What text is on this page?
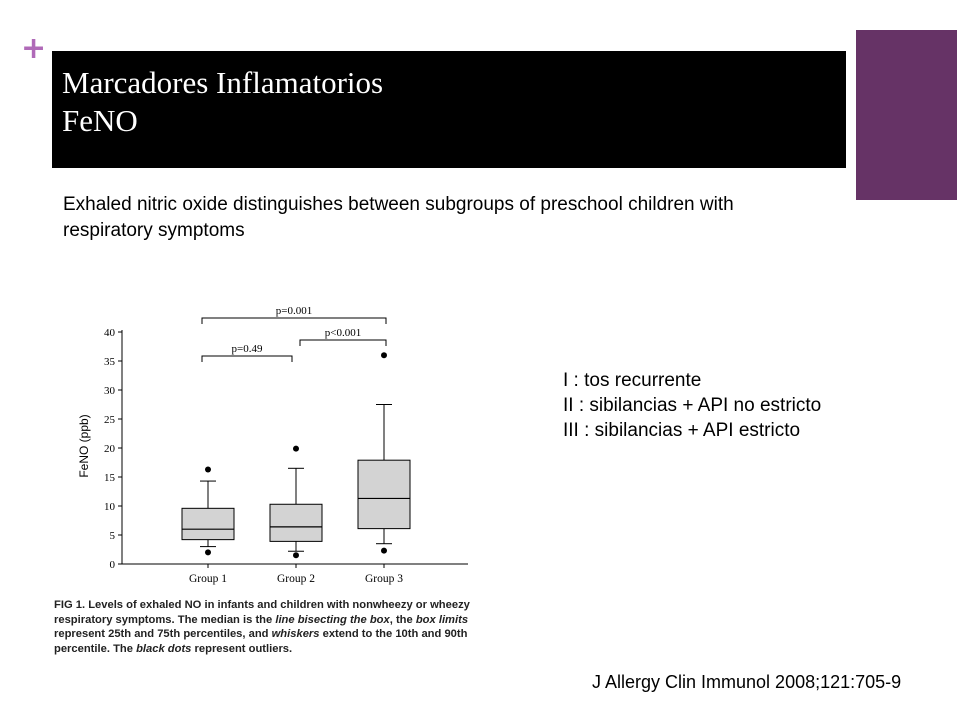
+
Marcadores Inflamatorios
FeNO
Exhaled nitric oxide distinguishes between subgroups of preschool children with respiratory symptoms
I : tos recurrente
II : sibilancias + API no estricto
III : sibilancias + API estricto
0
5
10
15
20
25
30
35
40
Group 1	Group 2	Group 3
p=0.001
p=0.49
p<0.001
FeNO (ppb)
FIG 1. Levels of exhaled NO in infants and children with nonwheezy or wheezy respiratory symptoms. The median is the line bisecting the box, the box limits represent 25th and 75th percentiles, and whiskers extend to the 10th and 90th percentile. The black dots represent outliers.
J Allergy Clin Immunol 2008;121:705-9
